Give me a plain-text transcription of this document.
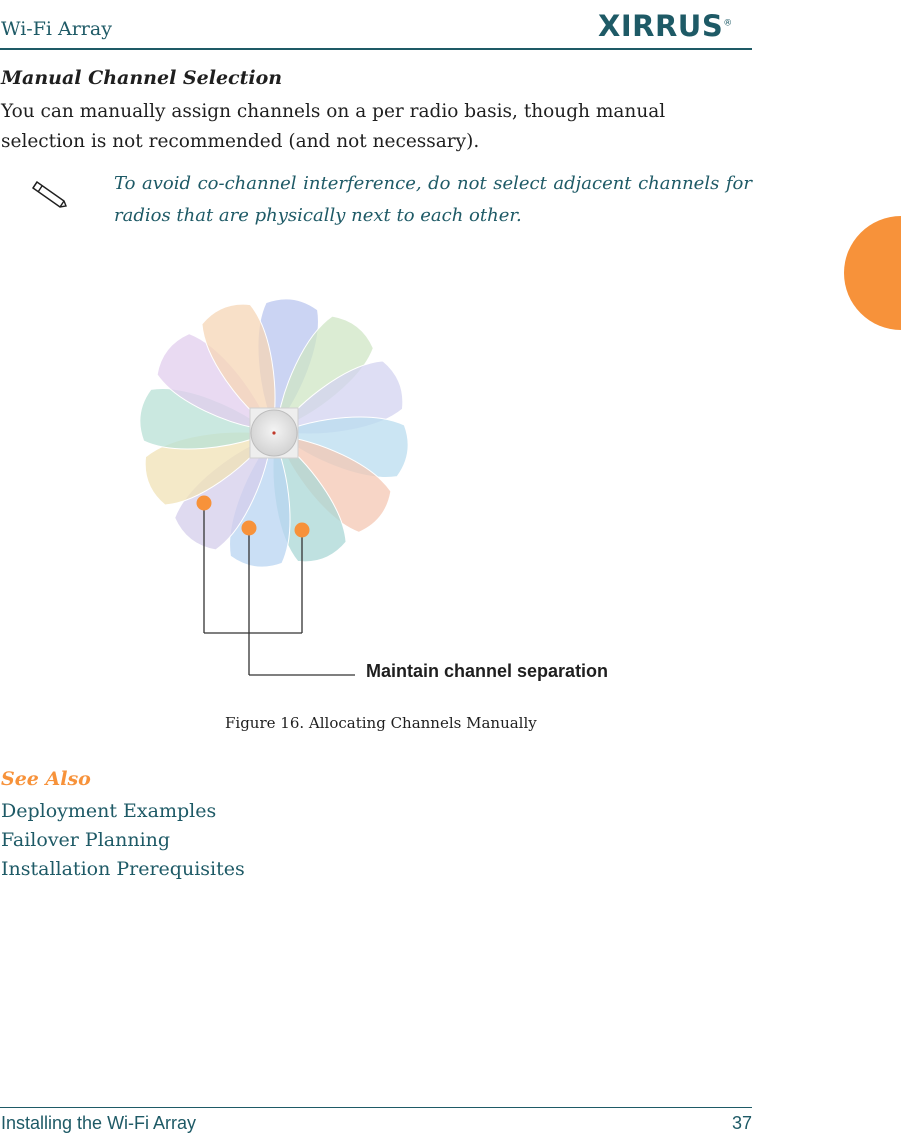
Wi-Fi Array	XIRRUS®
Manual Channel Selection

You can manually assign channels on a per radio basis, though manual selection is not recommended (and not necessary).

To avoid co-channel interference, do not select adjacent channels for radios that are physically next to each other.

Maintain channel separation
Figure 16. Allocating Channels Manually
See Also
Deployment Examples
Failover Planning
Installation Prerequisites
Installing the Wi-Fi Array	37
